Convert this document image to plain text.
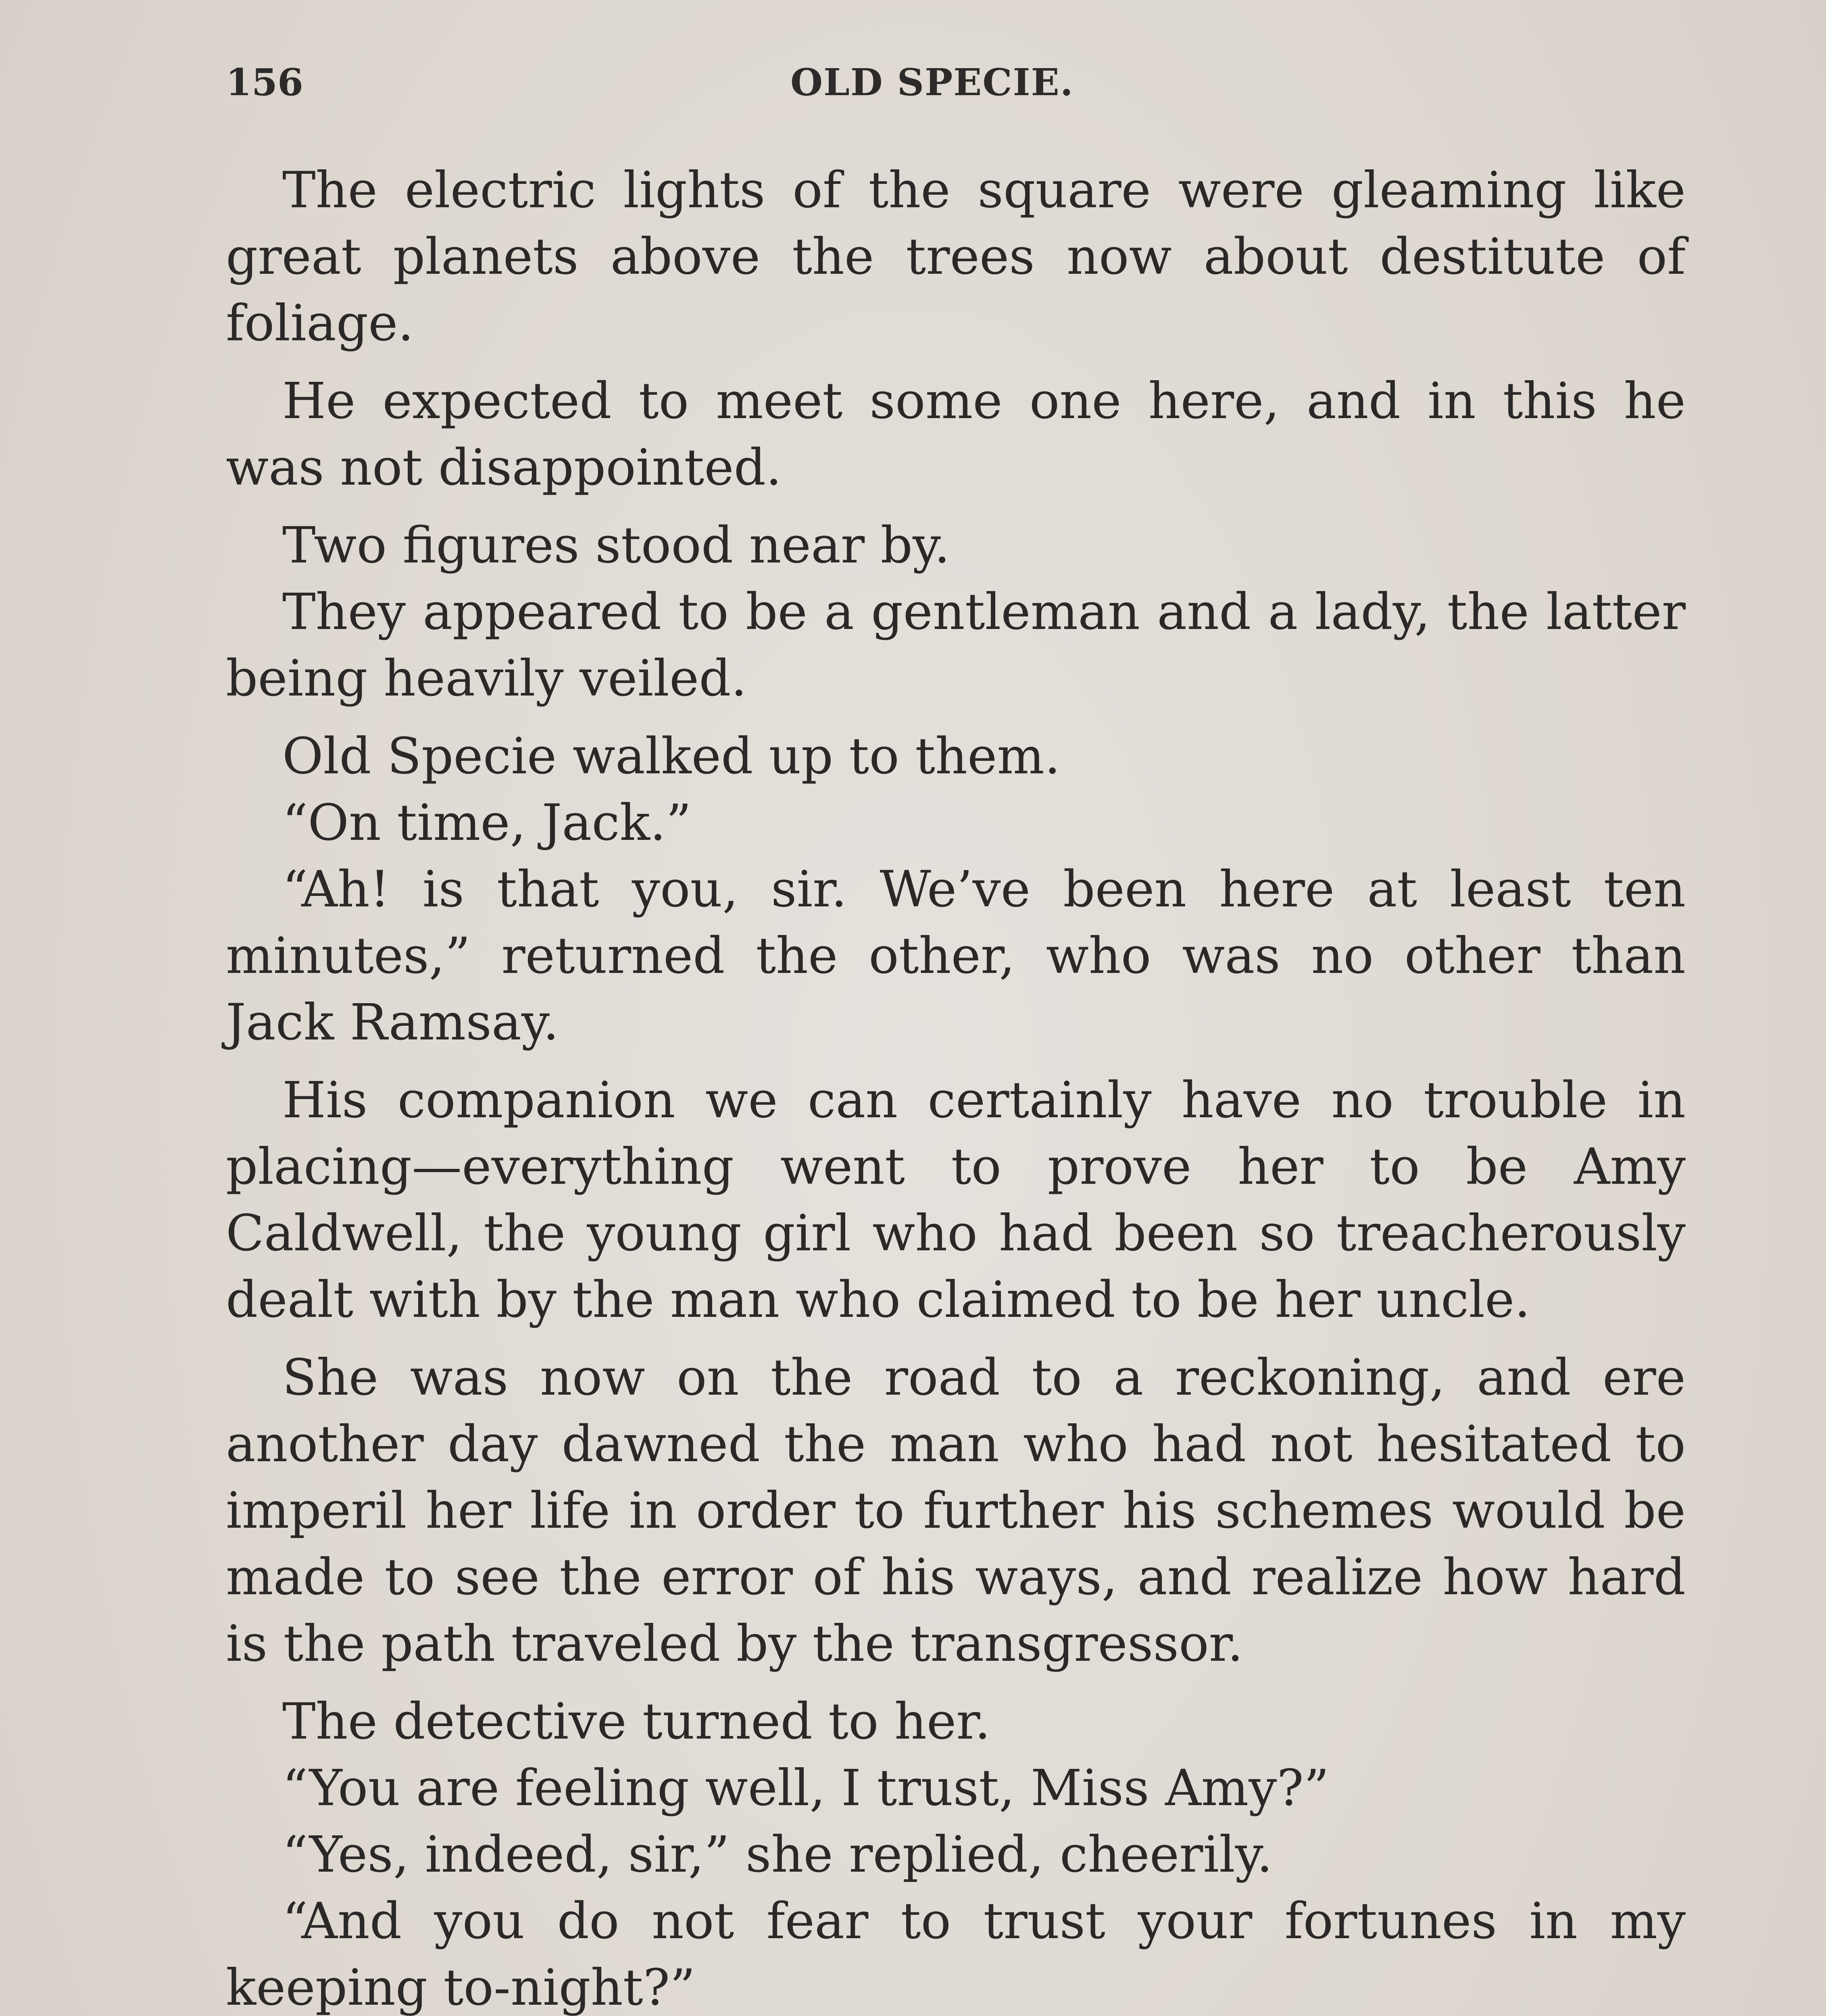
156	OLD SPECIE.

The electric lights of the square were gleaming like great planets above the trees now about destitute of foliage.

He expected to meet some one here, and in this he was not disappointed.

Two figures stood near by.

They appeared to be a gentleman and a lady, the latter being heavily veiled.

Old Specie walked up to them.

“On time, Jack.”

“Ah! is that you, sir. We’ve been here at least ten minutes,” returned the other, who was no other than Jack Ramsay.

His companion we can certainly have no trouble in placing—everything went to prove her to be Amy Caldwell, the young girl who had been so treacherously dealt with by the man who claimed to be her uncle.

She was now on the road to a reckoning, and ere another day dawned the man who had not hesitated to imperil her life in order to further his schemes would be made to see the error of his ways, and realize how hard is the path traveled by the transgressor.

The detective turned to her.

“You are feeling well, I trust, Miss Amy?”

“Yes, indeed, sir,” she replied, cheerily.

“And you do not fear to trust your fortunes in my keeping to-night?”
